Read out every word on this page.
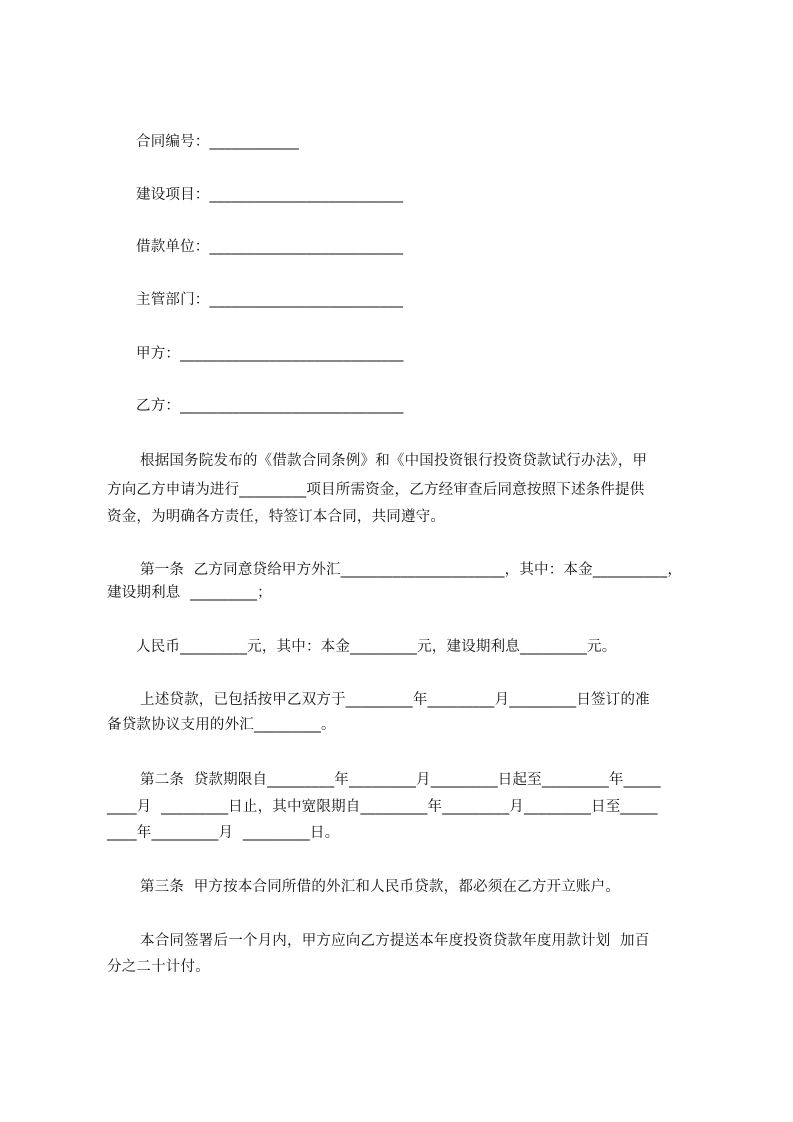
合同编号：____________
建设项目：__________________________
借款单位：__________________________
主管部门：__________________________
甲方：______________________________
乙方：______________________________
根据国务院发布的《借款合同条例》和《中国投资银行投资贷款试行办法》，甲
方向乙方申请为进行_________项目所需资金，乙方经审查后同意按照下述条件提供
资金，为明确各方责任，特签订本合同，共同遵守。
第一条  乙方同意贷给甲方外汇______________________，其中：本金__________，
建设期利息  _________；
人民币_________元，其中：本金_________元，建设期利息_________元。
上述贷款，已包括按甲乙双方于_________年_________月_________日签订的准
备贷款协议支用的外汇_________。
第二条  贷款期限自_________年_________月_________日起至_________年_____
____月  _________日止，其中宽限期自_________年_________月_________日至_____
____年_________月  _________日。
第三条  甲方按本合同所借的外汇和人民币贷款，都必须在乙方开立账户。
本合同签署后一个月内，甲方应向乙方提送本年度投资贷款年度用款计划  加百
分之二十计付。
